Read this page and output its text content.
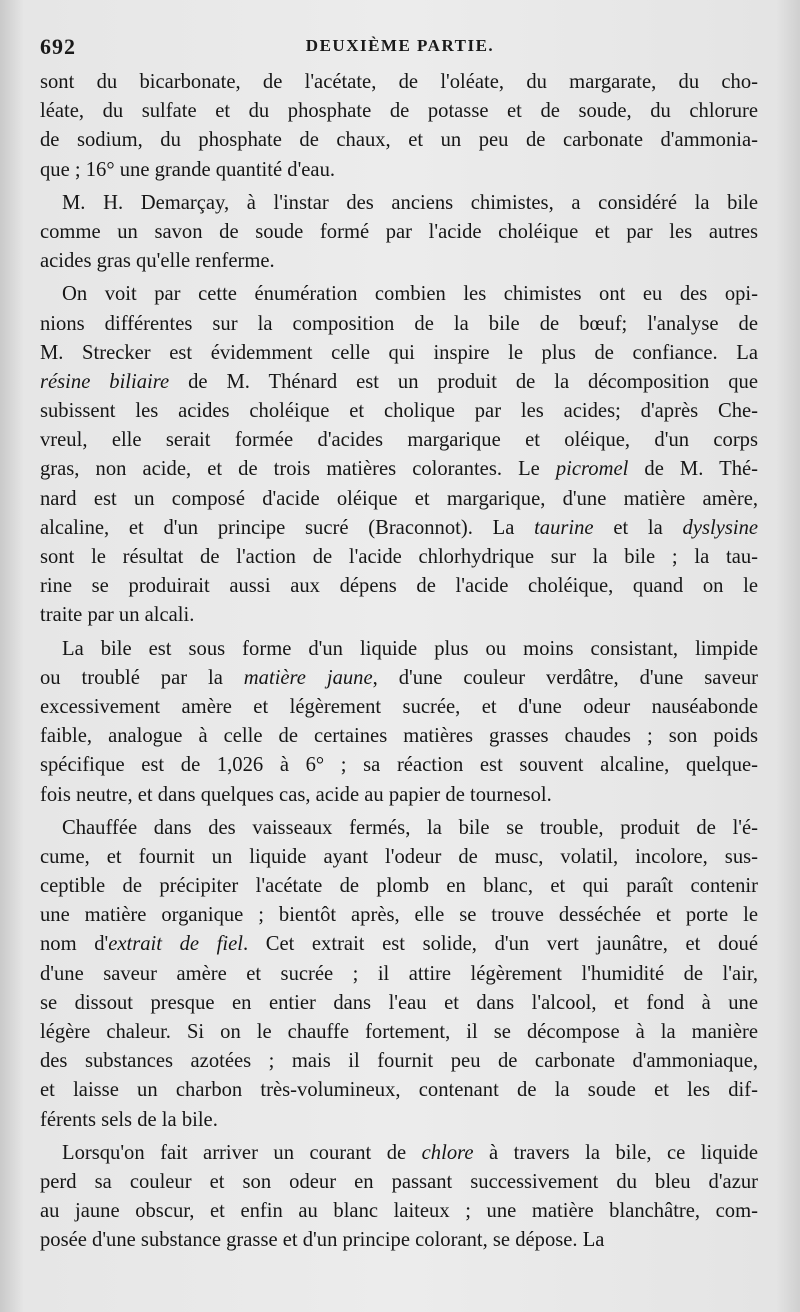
692	DEUXIÈME PARTIE.
sont du bicarbonate, de l'acétate, de l'oléate, du margarate, du cho-
léate, du sulfate et du phosphate de potasse et de soude, du chlorure
de sodium, du phosphate de chaux, et un peu de carbonate d'ammonia-
que ; 16° une grande quantité d'eau.
M. H. Demarçay, à l'instar des anciens chimistes, a considéré la bile
comme un savon de soude formé par l'acide choléique et par les autres
acides gras qu'elle renferme.
On voit par cette énumération combien les chimistes ont eu des opi-
nions différentes sur la composition de la bile de bœuf; l'analyse de
M. Strecker est évidemment celle qui inspire le plus de confiance. La
résine biliaire de M. Thénard est un produit de la décomposition que
subissent les acides choléique et cholique par les acides; d'après Che-
vreul, elle serait formée d'acides margarique et oléique, d'un corps
gras, non acide, et de trois matières colorantes. Le picromel de M. Thé-
nard est un composé d'acide oléique et margarique, d'une matière amère,
alcaline, et d'un principe sucré (Braconnot). La taurine et la dyslysine
sont le résultat de l'action de l'acide chlorhydrique sur la bile ; la tau-
rine se produirait aussi aux dépens de l'acide choléique, quand on le
traite par un alcali.
La bile est sous forme d'un liquide plus ou moins consistant, limpide
ou troublé par la matière jaune, d'une couleur verdâtre, d'une saveur
excessivement amère et légèrement sucrée, et d'une odeur nauséabonde
faible, analogue à celle de certaines matières grasses chaudes ; son poids
spécifique est de 1,026 à 6° ; sa réaction est souvent alcaline, quelque-
fois neutre, et dans quelques cas, acide au papier de tournesol.
Chauffée dans des vaisseaux fermés, la bile se trouble, produit de l'é-
cume, et fournit un liquide ayant l'odeur de musc, volatil, incolore, sus-
ceptible de précipiter l'acétate de plomb en blanc, et qui paraît contenir
une matière organique ; bientôt après, elle se trouve desséchée et porte le
nom d'extrait de fiel. Cet extrait est solide, d'un vert jaunâtre, et doué
d'une saveur amère et sucrée ; il attire légèrement l'humidité de l'air,
se dissout presque en entier dans l'eau et dans l'alcool, et fond à une
légère chaleur. Si on le chauffe fortement, il se décompose à la manière
des substances azotées ; mais il fournit peu de carbonate d'ammoniaque,
et laisse un charbon très-volumineux, contenant de la soude et les dif-
férents sels de la bile.
Lorsqu'on fait arriver un courant de chlore à travers la bile, ce liquide
perd sa couleur et son odeur en passant successivement du bleu d'azur
au jaune obscur, et enfin au blanc laiteux ; une matière blanchâtre, com-
posée d'une substance grasse et d'un principe colorant, se dépose. La
